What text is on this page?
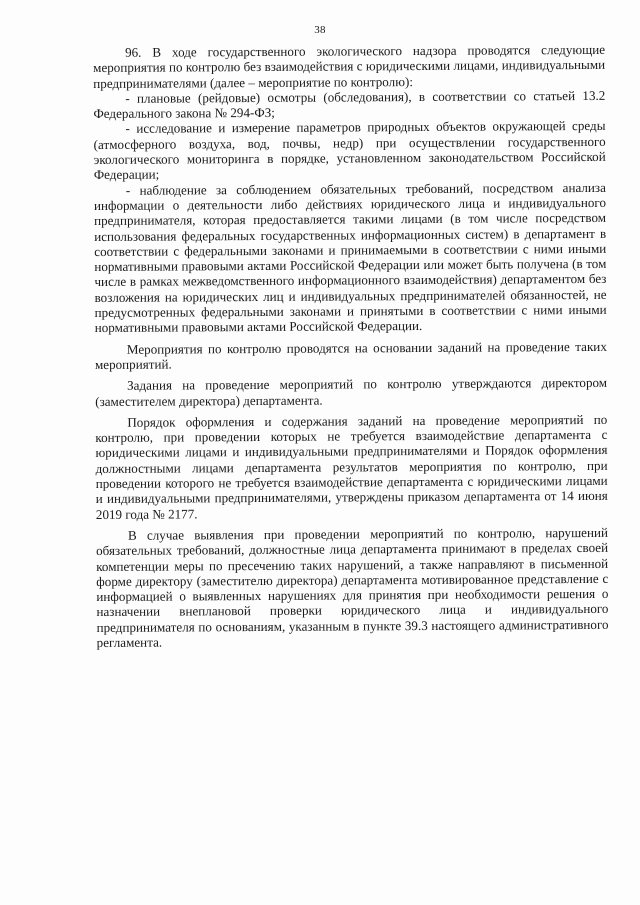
38

96. В ходе государственного экологического надзора проводятся следующие мероприятия по контролю без взаимодействия с юридическими лицами, индивидуальными предпринимателями (далее – мероприятие по контролю):

- плановые (рейдовые) осмотры (обследования), в соответствии со статьей 13.2 Федерального закона № 294-ФЗ;

- исследование и измерение параметров природных объектов окружающей среды (атмосферного воздуха, вод, почвы, недр) при осуществлении государственного экологического мониторинга в порядке, установленном законодательством Российской Федерации;

- наблюдение за соблюдением обязательных требований, посредством анализа информации о деятельности либо действиях юридического лица и индивидуального предпринимателя, которая предоставляется такими лицами (в том числе посредством использования федеральных государственных информационных систем) в департамент в соответствии с федеральными законами и принимаемыми в соответствии с ними иными нормативными правовыми актами Российской Федерации или может быть получена (в том числе в рамках межведомственного информационного взаимодействия) департаментом без возложения на юридических лиц и индивидуальных предпринимателей обязанностей, не предусмотренных федеральными законами и принятыми в соответствии с ними иными нормативными правовыми актами Российской Федерации.

Мероприятия по контролю проводятся на основании заданий на проведение таких мероприятий.

Задания на проведение мероприятий по контролю утверждаются директором (заместителем директора) департамента.

Порядок оформления и содержания заданий на проведение мероприятий по контролю, при проведении которых не требуется взаимодействие департамента с юридическими лицами и индивидуальными предпринимателями и Порядок оформления должностными лицами департамента результатов мероприятия по контролю, при проведении которого не требуется взаимодействие департамента с юридическими лицами и индивидуальными предпринимателями, утверждены приказом департамента от 14 июня 2019 года № 2177.

В случае выявления при проведении мероприятий по контролю, нарушений обязательных требований, должностные лица департамента принимают в пределах своей компетенции меры по пресечению таких нарушений, а также направляют в письменной форме директору (заместителю директора) департамента мотивированное представление с информацией о выявленных нарушениях для принятия при необходимости решения о назначении внеплановой проверки юридического лица и индивидуального предпринимателя по основаниям, указанным в пункте 39.3 настоящего административного регламента.
